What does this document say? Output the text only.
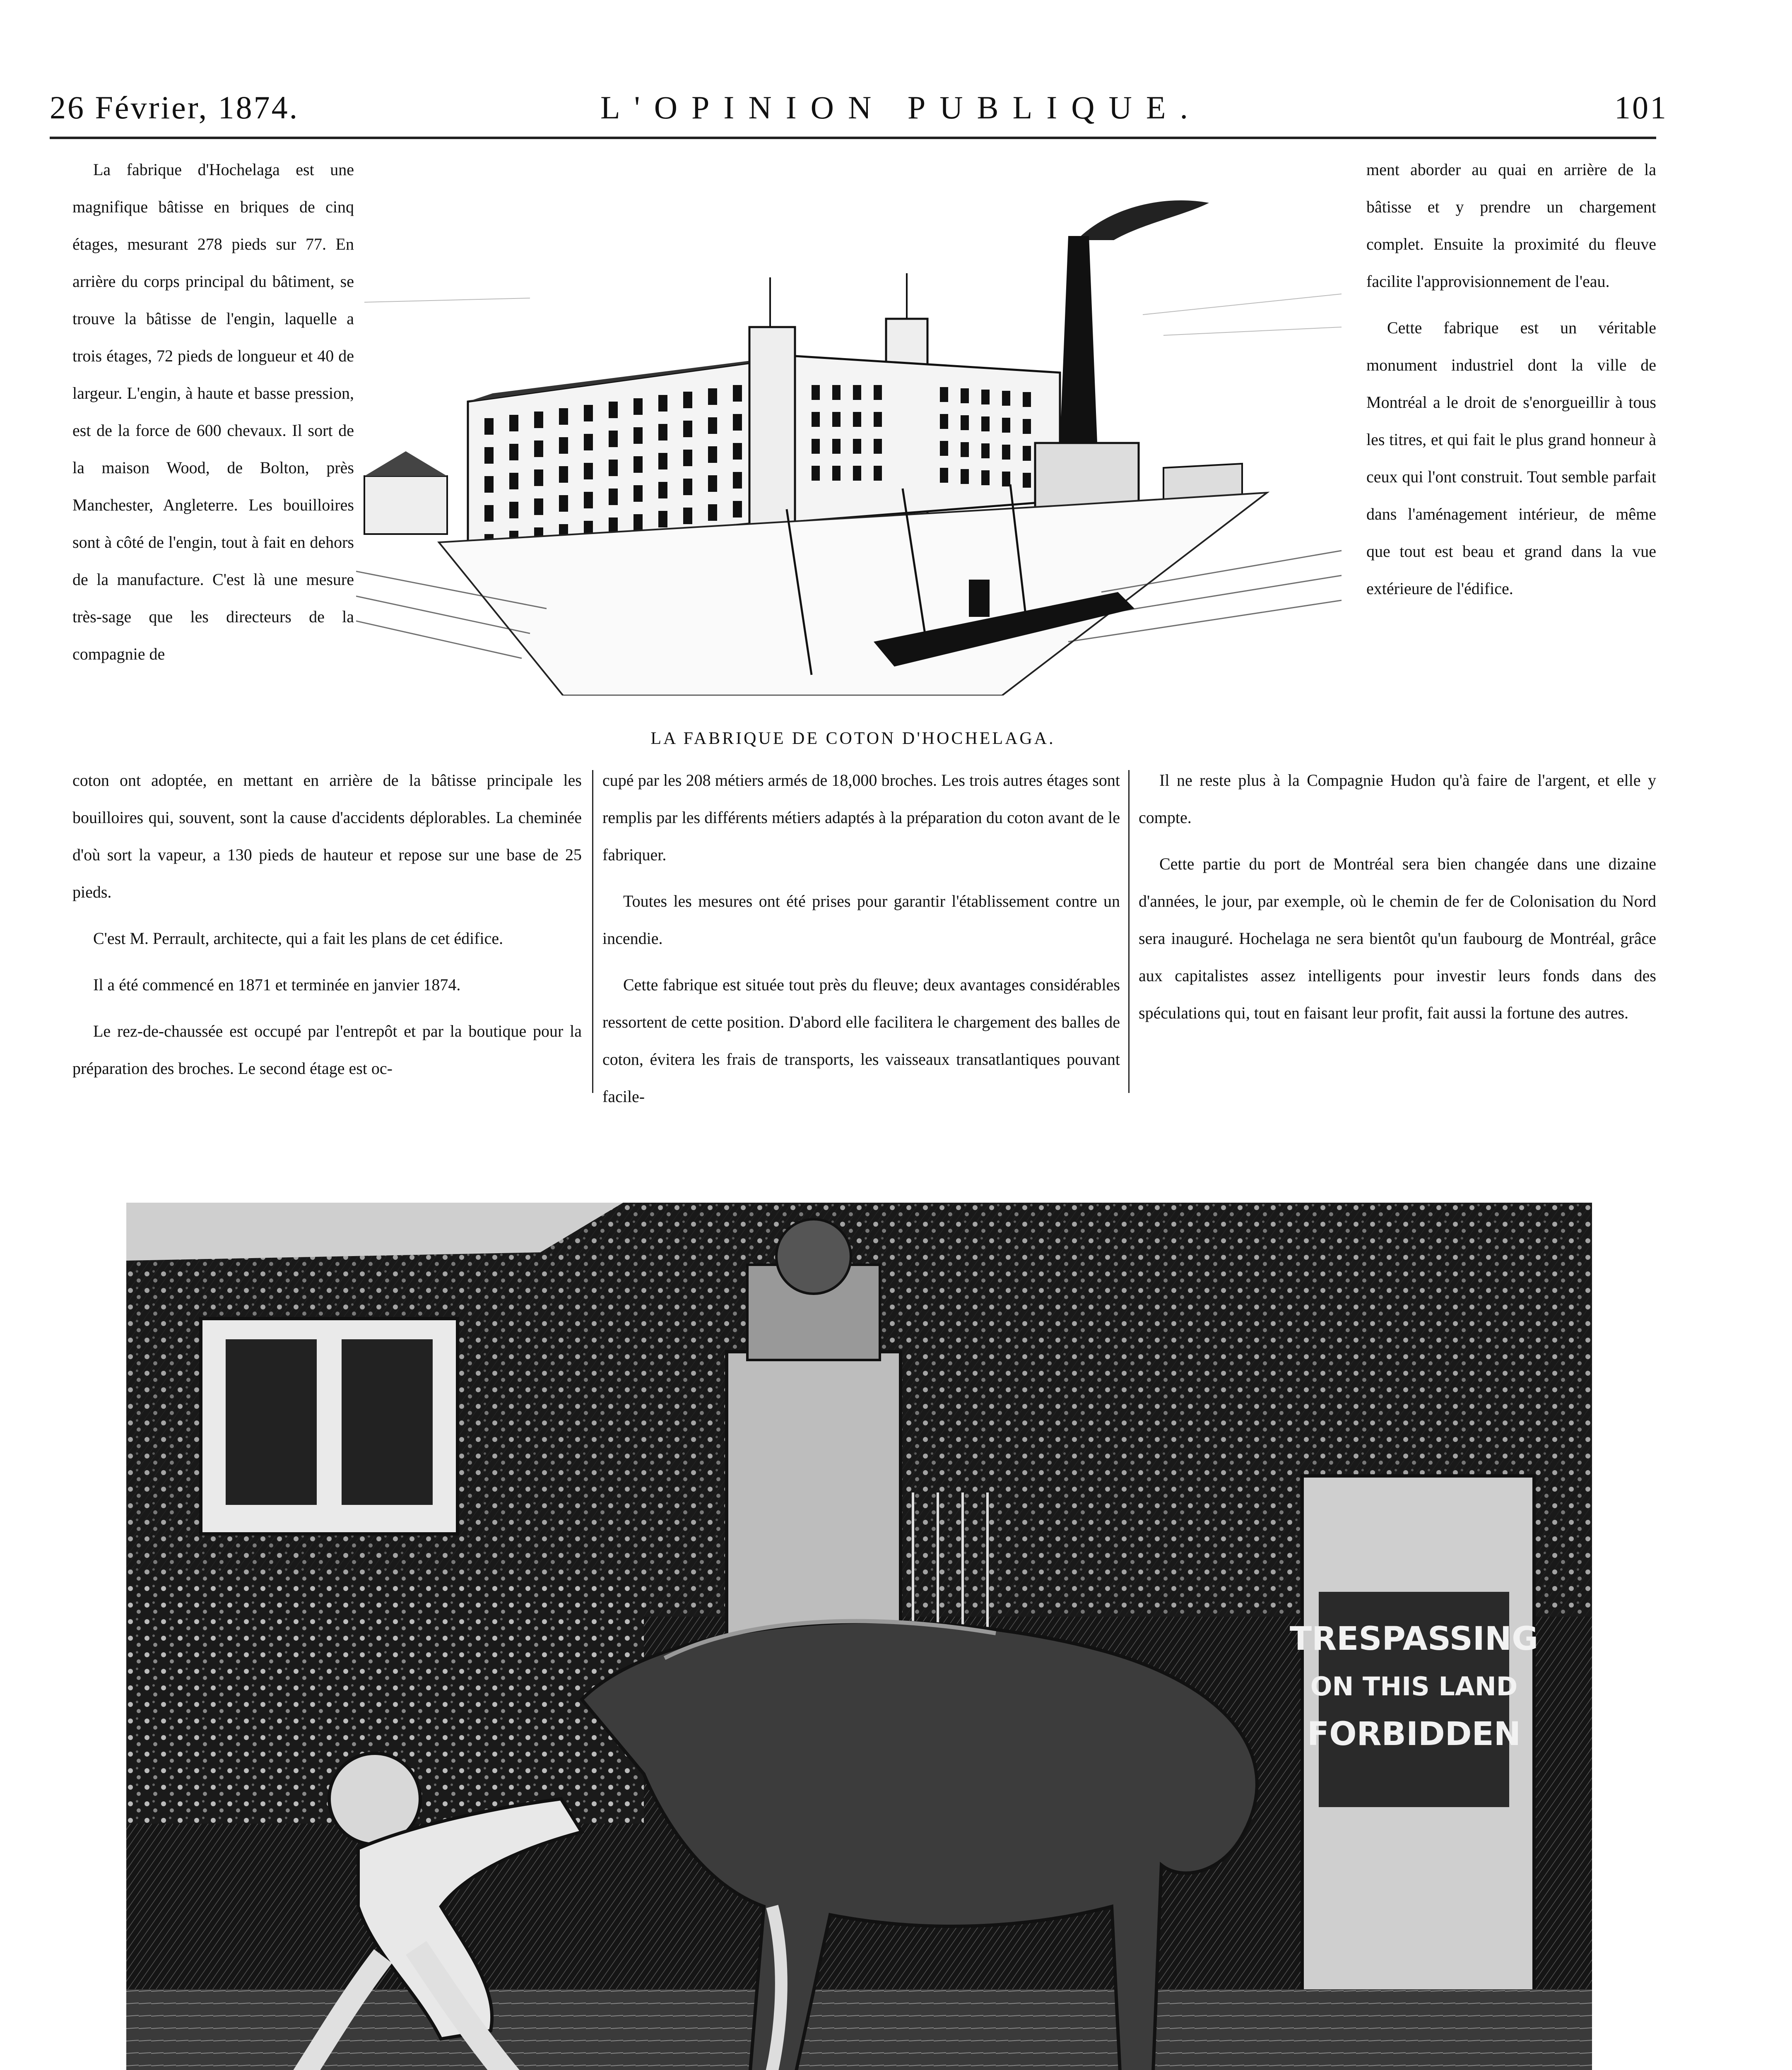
26 Février, 1874.	L'OPINION PUBLIQUE.	101

La fabrique d'Hochelaga est une magnifique bâtisse en briques de cinq étages, mesurant 278 pieds sur 77. En arrière du corps principal du bâtiment, se trouve la bâtisse de l'engin, laquelle a trois étages, 72 pieds de longueur et 40 de largeur. L'engin, à haute et basse pression, est de la force de 600 chevaux. Il sort de la maison Wood, de Bolton, près Manchester, Angleterre. Les bouilloires sont à côté de l'engin, tout à fait en dehors de la manufacture. C'est là une mesure très-sage que les directeurs de la compagnie de

LA FABRIQUE DE COTON D'HOCHELAGA.

ment aborder au quai en arrière de la bâtisse et y prendre un chargement complet. Ensuite la proximité du fleuve facilite l'approvisionnement de l'eau.

Cette fabrique est un véritable monument industriel dont la ville de Montréal a le droit de s'enorgueillir à tous les titres, et qui fait le plus grand honneur à ceux qui l'ont construit. Tout semble parfait dans l'aménagement intérieur, de même que tout est beau et grand dans la vue extérieure de l'édifice.

coton ont adoptée, en mettant en arrière de la bâtisse principale les bouilloires qui, souvent, sont la cause d'accidents déplorables. La cheminée d'où sort la vapeur, a 130 pieds de hauteur et repose sur une base de 25 pieds.

C'est M. Perrault, architecte, qui a fait les plans de cet édifice.

Il a été commencé en 1871 et terminée en janvier 1874.

Le rez-de-chaussée est occupé par l'entrepôt et par la boutique pour la préparation des broches. Le second étage est oc-

cupé par les 208 métiers armés de 18,000 broches. Les trois autres étages sont remplis par les différents métiers adaptés à la préparation du coton avant de le fabriquer.

Toutes les mesures ont été prises pour garantir l'établissement contre un incendie.

Cette fabrique est située tout près du fleuve; deux avantages considérables ressortent de cette position. D'abord elle facilitera le chargement des balles de coton, évitera les frais de transports, les vaisseaux transatlantiques pouvant facile-

Il ne reste plus à la Compagnie Hudon qu'à faire de l'argent, et elle y compte.

Cette partie du port de Montréal sera bien changée dans une dizaine d'années, le jour, par exemple, où le chemin de fer de Colonisation du Nord sera inauguré. Hochelaga ne sera bientôt qu'un faubourg de Montréal, grâce aux capitalistes assez intelligents pour investir leurs fonds dans des spéculations qui, tout en faisant leur profit, fait aussi la fortune des autres.

TRESPASSING
ON THIS LAND
FORBIDDEN
